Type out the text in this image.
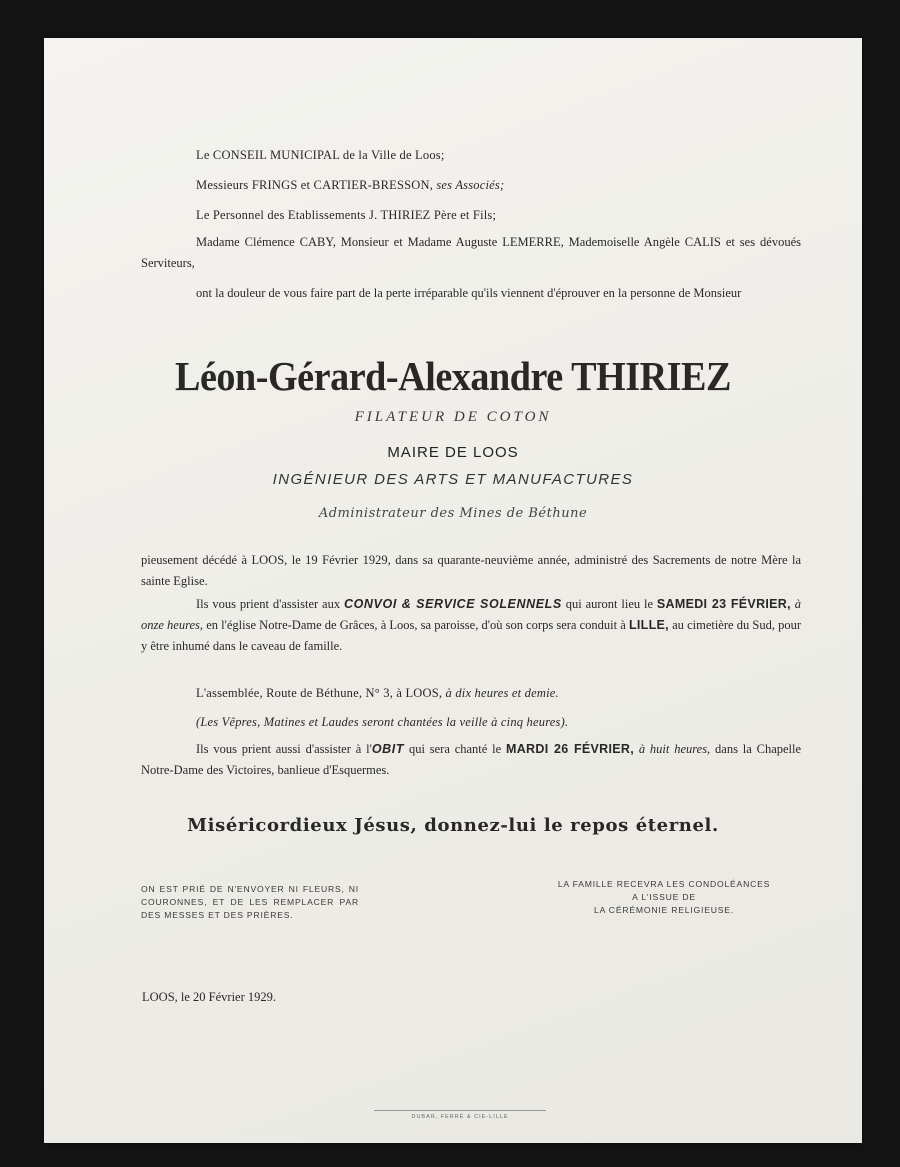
Le CONSEIL MUNICIPAL de la Ville de Loos;
Messieurs FRINGS et CARTIER-BRESSON, ses Associés;
Le Personnel des Etablissements J. THIRIEZ Père et Fils;
Madame Clémence CABY, Monsieur et Madame Auguste LEMERRE, Mademoiselle Angèle CALIS et ses dévoués Serviteurs,
ont la douleur de vous faire part de la perte irréparable qu'ils viennent d'éprouver en la personne de Monsieur
Léon-Gérard-Alexandre THIRIEZ
FILATEUR DE COTON
MAIRE DE LOOS
INGÉNIEUR DES ARTS ET MANUFACTURES
Administrateur des Mines de Béthune
pieusement décédé à LOOS, le 19 Février 1929, dans sa quarante-neuvième année, administré des Sacrements de notre Mère la sainte Eglise.
Ils vous prient d'assister aux CONVOI & SERVICE SOLENNELS qui auront lieu le SAMEDI 23 FÉVRIER, à onze heures, en l'église Notre-Dame de Grâces, à Loos, sa paroisse, d'où son corps sera conduit à LILLE, au cimetière du Sud, pour y être inhumé dans le caveau de famille.
L'assemblée, Route de Béthune, N° 3, à LOOS, à dix heures et demie.
(Les Vêpres, Matines et Laudes seront chantées la veille à cinq heures).
Ils vous prient aussi d'assister à l'OBIT qui sera chanté le MARDI 26 FÉVRIER, à huit heures, dans la Chapelle Notre-Dame des Victoires, banlieue d'Esquermes.
Miséricordieux Jésus, donnez-lui le repos éternel.
ON EST PRIÉ DE N'ENVOYER NI FLEURS, NI COURONNES, ET DE LES REMPLACER PAR DES MESSES ET DES PRIÈRES.
LA FAMILLE RECEVRA LES CONDOLÉANCES
A L'ISSUE DE
LA CÉRÉMONIE RELIGIEUSE.
LOOS, le 20 Février 1929.
DUBAR, FERRÉ & CIE-LILLE
